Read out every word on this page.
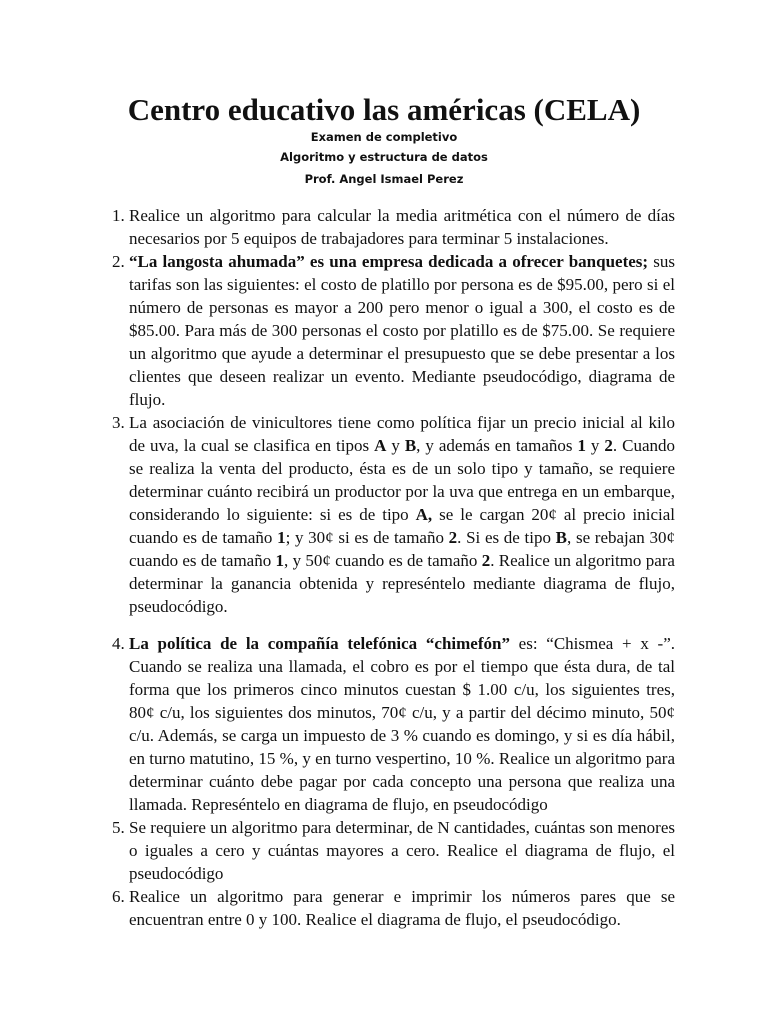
Centro educativo las américas (CELA)
Examen de completivo
Algoritmo y estructura de datos
Prof. Angel Ismael Perez
1. Realice un algoritmo para calcular la media aritmética con el número de días necesarios por 5 equipos de trabajadores para terminar 5 instalaciones.
2. “La langosta ahumada” es una empresa dedicada a ofrecer banquetes; sus tarifas son las siguientes: el costo de platillo por persona es de $95.00, pero si el número de personas es mayor a 200 pero menor o igual a 300, el costo es de $85.00. Para más de 300 personas el costo por platillo es de $75.00. Se requiere un algoritmo que ayude a determinar el presupuesto que se debe presentar a los clientes que deseen realizar un evento. Mediante pseudocódigo, diagrama de flujo.
3. La asociación de vinicultores tiene como política fijar un precio inicial al kilo de uva, la cual se clasifica en tipos A y B, y además en tamaños 1 y 2. Cuando se realiza la venta del producto, ésta es de un solo tipo y tamaño, se requiere determinar cuánto recibirá un productor por la uva que entrega en un embarque, considerando lo siguiente: si es de tipo A, se le cargan 20¢ al precio inicial cuando es de tamaño 1; y 30¢ si es de tamaño 2. Si es de tipo B, se rebajan 30¢ cuando es de tamaño 1, y 50¢ cuando es de tamaño 2. Realice un algoritmo para determinar la ganancia obtenida y represéntelo mediante diagrama de flujo, pseudocódigo.
4. La política de la compañía telefónica “chimefón” es: “Chismea + x -”. Cuando se realiza una llamada, el cobro es por el tiempo que ésta dura, de tal forma que los primeros cinco minutos cuestan $ 1.00 c/u, los siguientes tres, 80¢ c/u, los siguientes dos minutos, 70¢ c/u, y a partir del décimo minuto, 50¢ c/u. Además, se carga un impuesto de 3 % cuando es domingo, y si es día hábil, en turno matutino, 15 %, y en turno vespertino, 10 %. Realice un algoritmo para determinar cuánto debe pagar por cada concepto una persona que realiza una llamada. Represéntelo en diagrama de flujo, en pseudocódigo
5. Se requiere un algoritmo para determinar, de N cantidades, cuántas son menores o iguales a cero y cuántas mayores a cero. Realice el diagrama de flujo, el pseudocódigo
6. Realice un algoritmo para generar e imprimir los números pares que se encuentran entre 0 y 100. Realice el diagrama de flujo, el pseudocódigo.
